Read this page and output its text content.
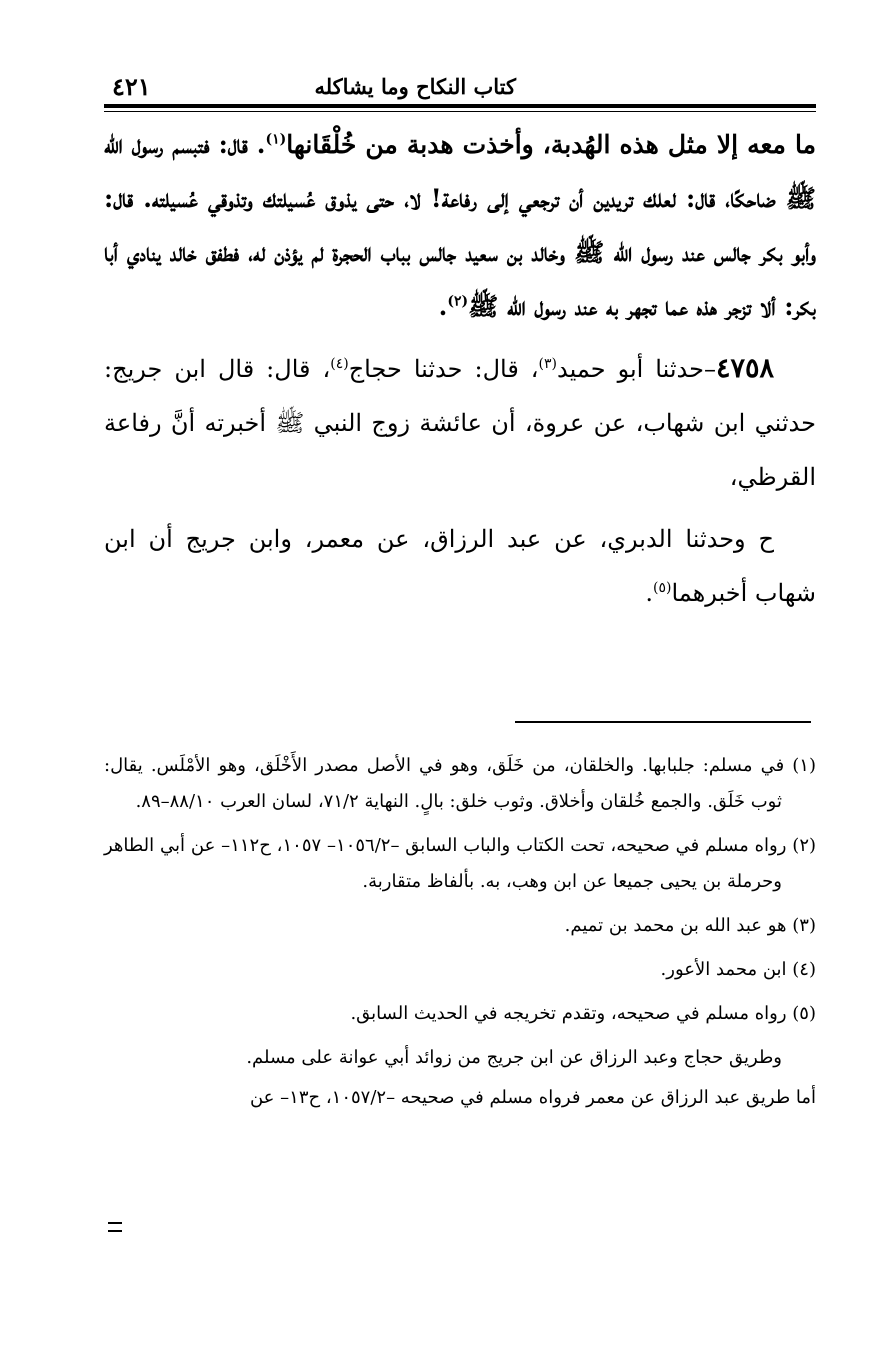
كتاب النكاح وما يشاكله
٤٢١

ما معه إلا مثل هذه الهُدبة، وأخذت هدبة من خُلْقَانها$^{(١)}$. قال: فتبسم رسول الله ﷺ ضاحكًا، قال: لعلك تريدين أن ترجعي إلى رفاعة! لا، حتى يذوق عُسيلتك وتذوقي عُسيلته. قال: وأبو بكر جالس عند رسول الله ﷺ وخالد بن سعيد جالس بباب الحجرة لم يؤذن له، فطفق خالد ينادي أبا بكر: ألا تزجر هذه عما تجهر به عند رسول الله ﷺ$^{(٢)}$.

٤٧٥٨–حدثنا أبو حميد$^{(٣)}$، قال: حدثنا حجاج$^{(٤)}$، قال: قال ابن جريج: حدثني ابن شهاب، عن عروة، أن عائشة زوج النبي ﷺ أخبرته أنَّ رفاعة القرظي،

ح وحدثنا الدبري، عن عبد الرزاق، عن معمر، وابن جريج أن ابن شهاب أخبرهما$^{(٥)}$.

(١) في مسلم: جلبابها. والخلقان، من خَلَق، وهو في الأصل مصدر الأَخْلَق، وهو الأمْلَس. يقال: ثوب خَلَق. والجمع خُلقان وأخلاق. وثوب خلق: بالٍ. النهاية ٧١/٢، لسان العرب ٨٨/١٠–٨٩.

(٢) رواه مسلم في صحيحه، تحت الكتاب والباب السابق –١٠٥٦/٢– ١٠٥٧، ح١١٢– عن أبي الطاهر وحرملة بن يحيى جميعا عن ابن وهب، به. بألفاظ متقاربة.

(٣) هو عبد الله بن محمد بن تميم.

(٤) ابن محمد الأعور.

(٥) رواه مسلم في صحيحه، وتقدم تخريجه في الحديث السابق.

وطريق حجاج وعبد الرزاق عن ابن جريج من زوائد أبي عوانة على مسلم.

أما طريق عبد الرزاق عن معمر فرواه مسلم في صحيحه –١٠٥٧/٢، ح١٣– عن
